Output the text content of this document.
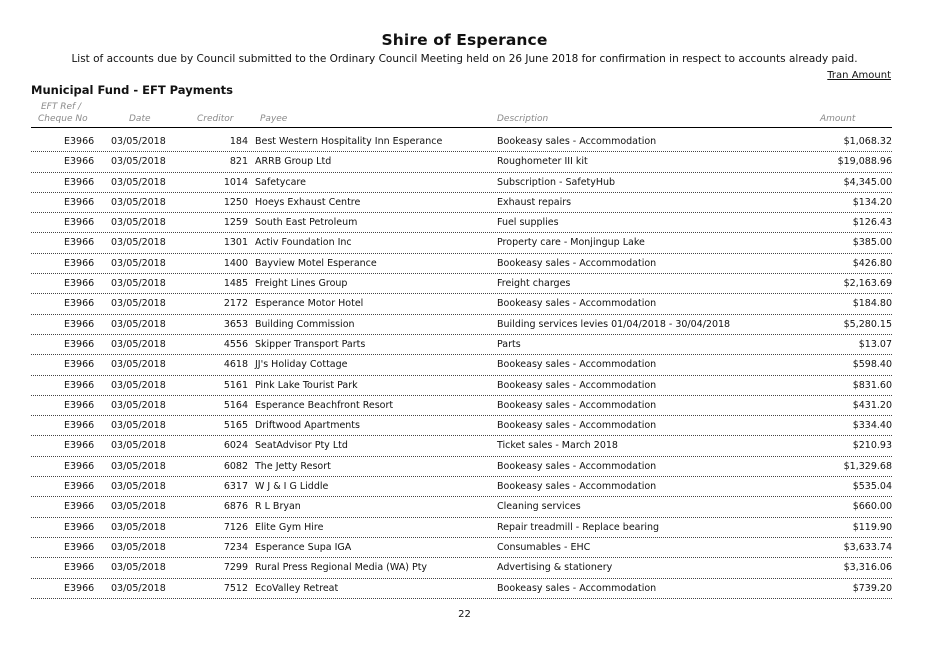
Shire of Esperance
List of accounts due by Council submitted to the Ordinary Council Meeting held on 26 June 2018 for confirmation in respect to accounts already paid.
Tran Amount
Municipal Fund - EFT Payments
EFT Ref /
Cheque No	Date	Creditor	Payee	Description	Amount
E3966 03/05/2018	184 Best Western Hospitality Inn Esperance	Bookeasy sales - Accommodation	$1,068.32
E3966 03/05/2018	821 ARRB Group Ltd	Roughometer III kit	$19,088.96
E3966 03/05/2018	1014 Safetycare	Subscription - SafetyHub	$4,345.00
E3966 03/05/2018	1250 Hoeys Exhaust Centre	Exhaust repairs	$134.20
E3966 03/05/2018	1259 South East Petroleum	Fuel supplies	$126.43
E3966 03/05/2018	1301 Activ Foundation Inc	Property care - Monjingup Lake	$385.00
E3966 03/05/2018	1400 Bayview Motel Esperance	Bookeasy sales - Accommodation	$426.80
E3966 03/05/2018	1485 Freight Lines Group	Freight charges	$2,163.69
E3966 03/05/2018	2172 Esperance Motor Hotel	Bookeasy sales - Accommodation	$184.80
E3966 03/05/2018	3653 Building Commission	Building services levies 01/04/2018 - 30/04/2018	$5,280.15
E3966 03/05/2018	4556 Skipper Transport Parts	Parts	$13.07
E3966 03/05/2018	4618 JJ's Holiday Cottage	Bookeasy sales - Accommodation	$598.40
E3966 03/05/2018	5161 Pink Lake Tourist Park	Bookeasy sales - Accommodation	$831.60
E3966 03/05/2018	5164 Esperance Beachfront Resort	Bookeasy sales - Accommodation	$431.20
E3966 03/05/2018	5165 Driftwood Apartments	Bookeasy sales - Accommodation	$334.40
E3966 03/05/2018	6024 SeatAdvisor Pty Ltd	Ticket sales - March 2018	$210.93
E3966 03/05/2018	6082 The Jetty Resort	Bookeasy sales - Accommodation	$1,329.68
E3966 03/05/2018	6317 W J & I G Liddle	Bookeasy sales - Accommodation	$535.04
E3966 03/05/2018	6876 R L Bryan	Cleaning services	$660.00
E3966 03/05/2018	7126 Elite Gym Hire	Repair treadmill - Replace bearing	$119.90
E3966 03/05/2018	7234 Esperance Supa IGA	Consumables - EHC	$3,633.74
E3966 03/05/2018	7299 Rural Press Regional Media (WA) Pty	Advertising & stationery	$3,316.06
E3966 03/05/2018	7512 EcoValley Retreat	Bookeasy sales - Accommodation	$739.20
22
